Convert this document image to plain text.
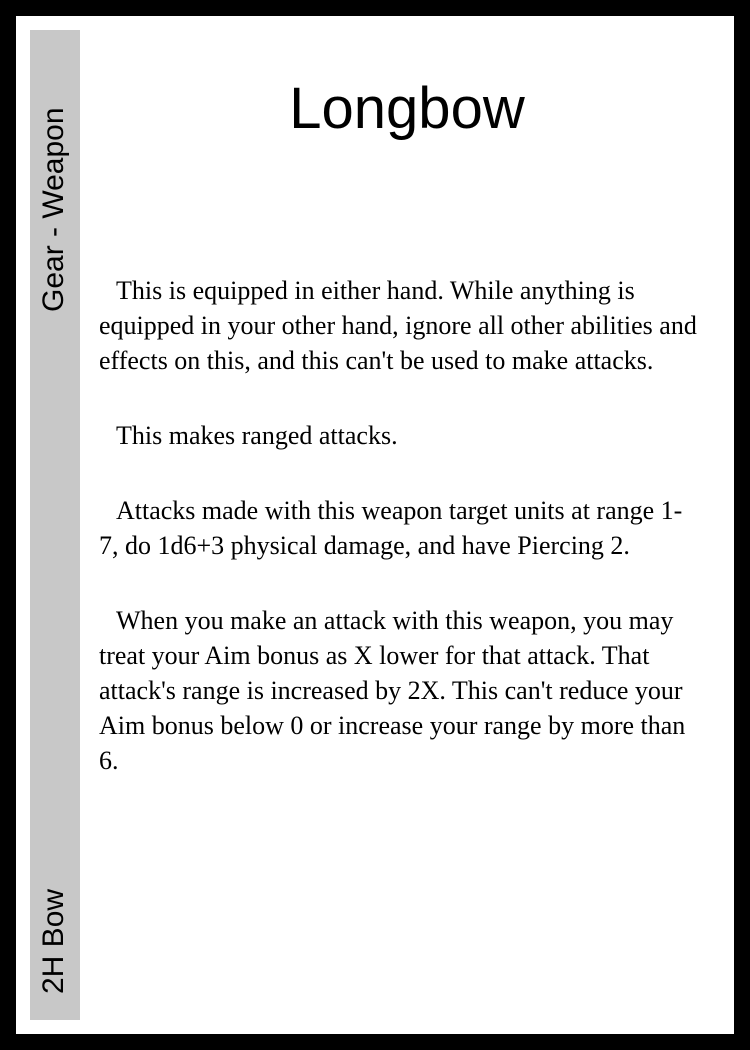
Gear - Weapon
2H Bow
Longbow

This is equipped in either hand. While anything is equipped in your other hand, ignore all other abilities and effects on this, and this can't be used to make attacks.

This makes ranged attacks.

Attacks made with this weapon target units at range 1-7, do 1d6+3 physical damage, and have Piercing 2.

When you make an attack with this weapon, you may treat your Aim bonus as X lower for that attack. That attack's range is increased by 2X. This can't reduce your Aim bonus below 0 or increase your range by more than 6.
